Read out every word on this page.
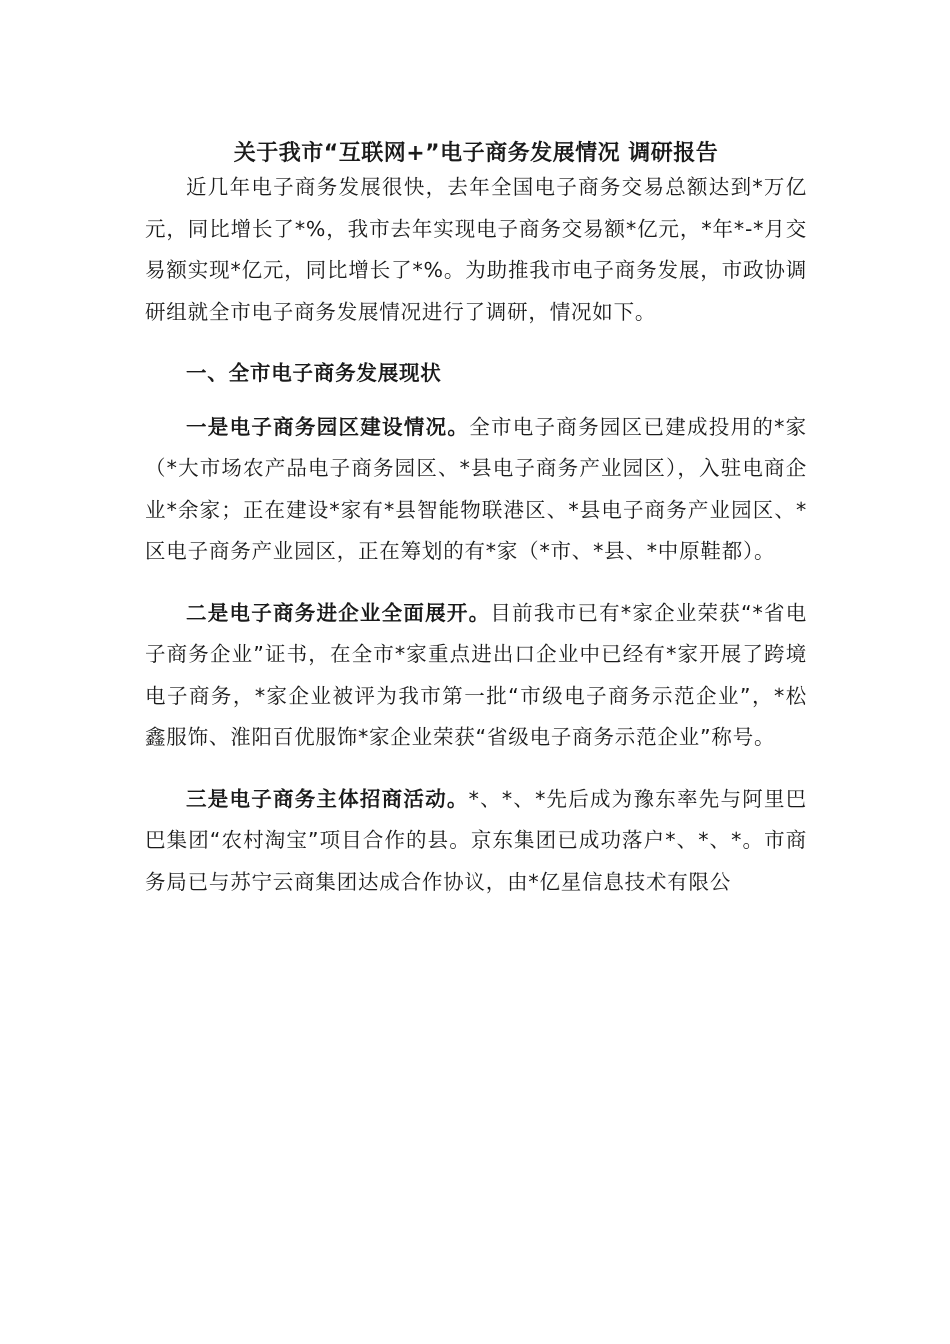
关于我市“互联网+”电子商务发展情况 调研报告

近几年电子商务发展很快，去年全国电子商务交易总额达到*万亿元，同比增长了*%，我市去年实现电子商务交易额*亿元，*年*-*月交易额实现*亿元，同比增长了*%。为助推我市电子商务发展，市政协调研组就全市电子商务发展情况进行了调研，情况如下。

一、全市电子商务发展现状

一是电子商务园区建设情况。全市电子商务园区已建成投用的*家（*大市场农产品电子商务园区、*县电子商务产业园区），入驻电商企业*余家；正在建设*家有*县智能物联港区、*县电子商务产业园区、*区电子商务产业园区，正在筹划的有*家（*市、*县、*中原鞋都）。

二是电子商务进企业全面展开。目前我市已有*家企业荣获“*省电子商务企业”证书，在全市*家重点进出口企业中已经有*家开展了跨境电子商务，*家企业被评为我市第一批“市级电子商务示范企业”，*松鑫服饰、淮阳百优服饰*家企业荣获“省级电子商务示范企业”称号。

三是电子商务主体招商活动。*、*、*先后成为豫东率先与阿里巴巴集团“农村淘宝”项目合作的县。京东集团已成功落户*、*、*。市商务局已与苏宁云商集团达成合作协议，由*亿星信息技术有限公
